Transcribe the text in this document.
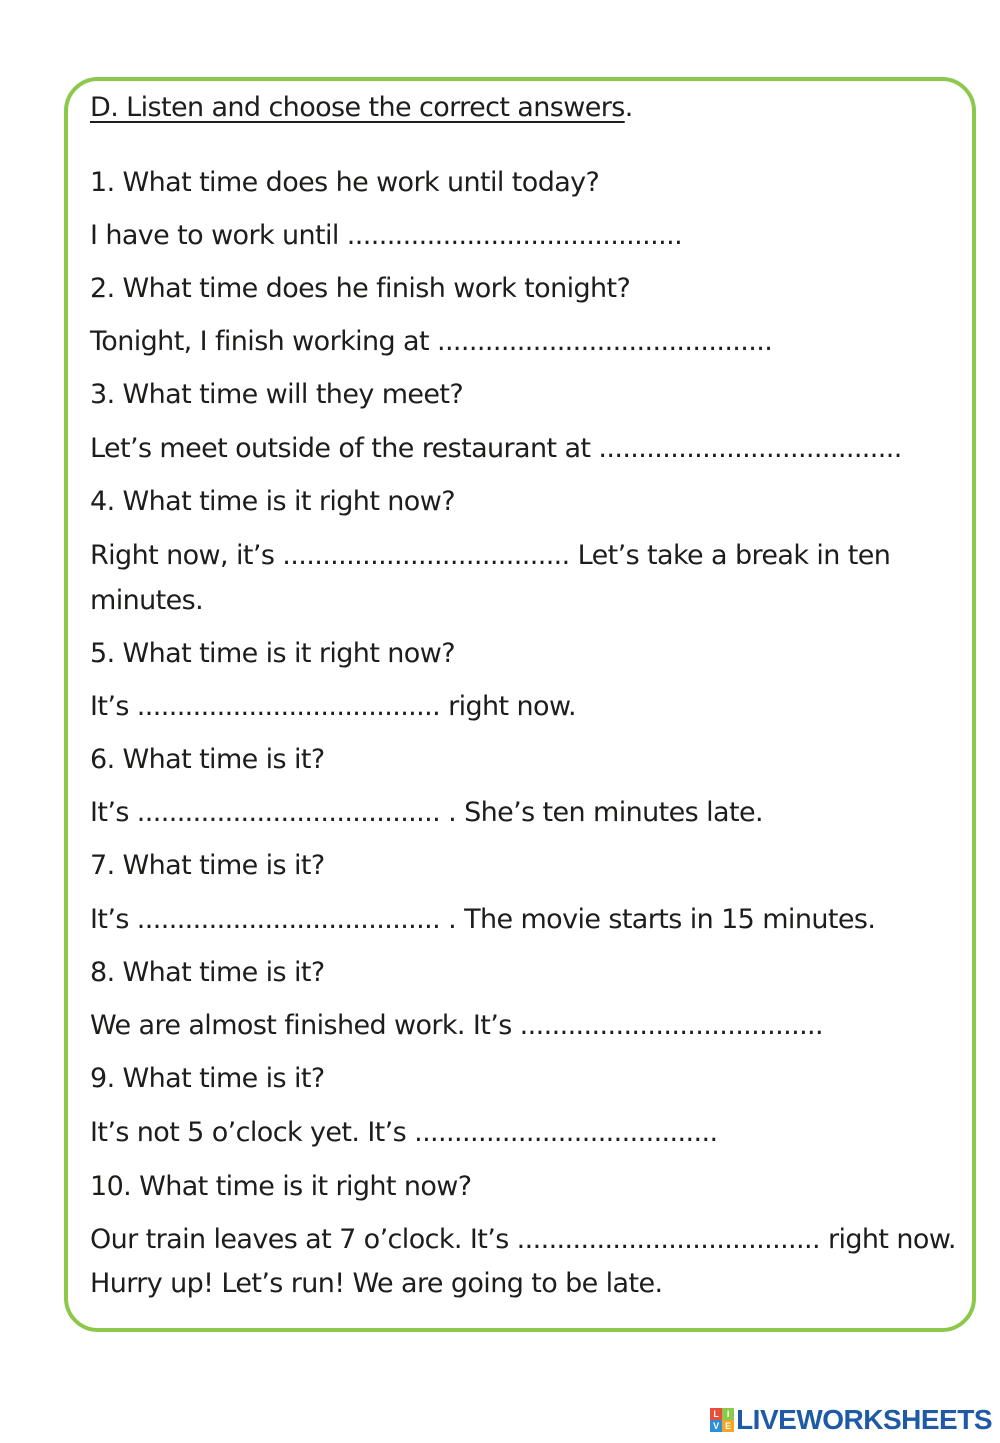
D. Listen and choose the correct answers.
1. What time does he work until today?
I have to work until ..........................................
2. What time does he finish work tonight?
Tonight, I finish working at ..........................................
3. What time will they meet?
Let’s meet outside of the restaurant at ......................................
4. What time is it right now?
Right now, it’s .................................... Let’s take a break in ten
minutes.
5. What time is it right now?
It’s ...................................... right now.
6. What time is it?
It’s ...................................... . She’s ten minutes late.
7. What time is it?
It’s ...................................... . The movie starts in 15 minutes.
8. What time is it?
We are almost finished work. It’s ......................................
9. What time is it?
It’s not 5 o’clock yet. It’s ......................................
10. What time is it right now?
Our train leaves at 7 o’clock. It’s ...................................... right now.
Hurry up! Let’s run! We are going to be late.
L I
V E LIVEWORKSHEETS
